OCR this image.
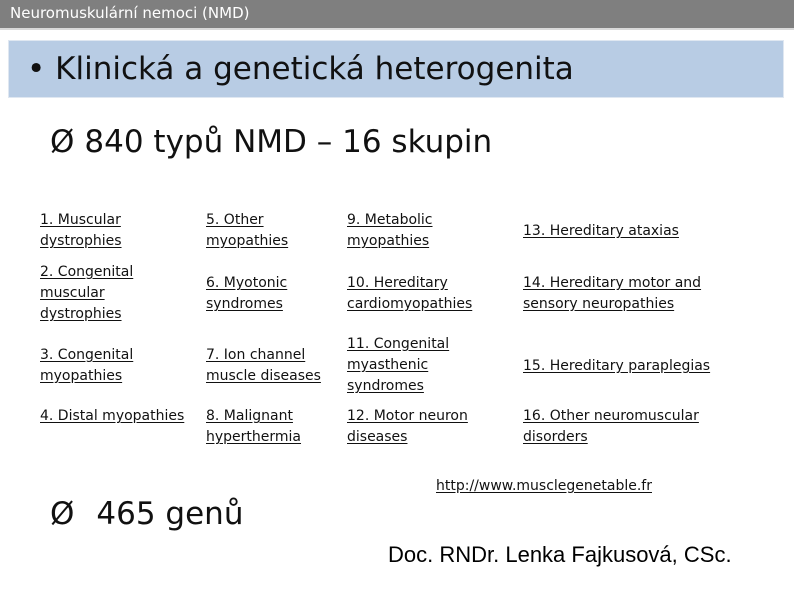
Neuromuskulární nemoci (NMD)
• Klinická a genetická heterogenita
Ø 840 typů NMD – 16 skupin
1. Muscular dystrophies
5. Other myopathies
9. Metabolic myopathies
13. Hereditary ataxias
2. Congenital muscular dystrophies
6. Myotonic syndromes
10. Hereditary cardiomyopathies
14. Hereditary motor and sensory neuropathies
3. Congenital myopathies
7. Ion channel muscle diseases
11. Congenital myasthenic syndromes
15. Hereditary paraplegias
4. Distal myopathies	8. Malignant hyperthermia
12. Motor neuron diseases
16. Other neuromuscular disorders
Ø 465 genů
http://www.musclegenetable.fr
Doc. RNDr. Lenka Fajkusová, CSc.
